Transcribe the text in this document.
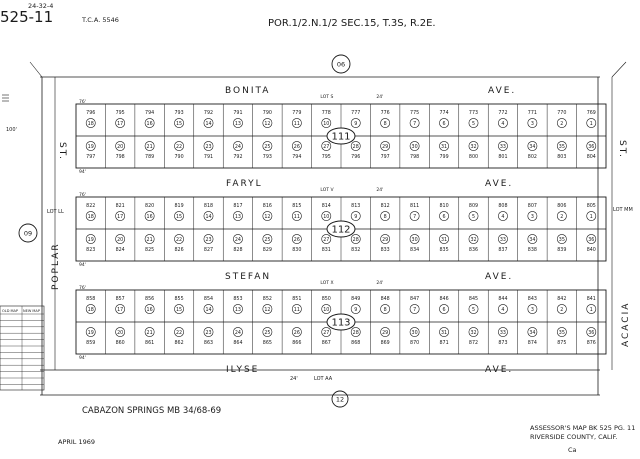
24-32-4
525-11	T.C.A. 5546	POR.1/2.N.1/2 SEC.15, T.3S, R.2E.
06
09
12
BONITA	AVE.
FARYL	AVE.
STEFAN	AVE.
ILYSE	AVE.
ST.
POPLAR
ST.
ACACIA
796
18
19
797
795
17
20
798
794
16
21
789
793
15
22
790
792
14
23
791
791
13
24
792
790
12
25
793
779
11
26
794
778
10
27
795
777
9
28
796
776
8
29
797
775
7
30
798
774
6
31
799
773
5
32
800
772
4
33
801
771
3
34
802
770
2
35
803
769
1
36
804
111
LOT S	24'
76'
94'
822
18
19
823
821
17
20
824
820
16
21
825
819
15
22
826
818
14
23
827
817
13
24
828
816
12
25
829
815
11
26
830
814
10
27
831
813
9
28
832
812
8
29
833
811
7
30
834
810
6
31
835
809
5
32
836
808
4
33
837
807
3
34
838
806
2
35
839
805
1
36
840
112
LOT V	24'
76'
94'
858
18
19
859
857
17
20
860
856
16
21
861
855
15
22
862
854
14
23
863
853
13
24
864
852
12
25
865
851
11
26
866
850
10
27
867
849
9
28
868
848
8
29
869
847
7
30
870
846
6
31
871
845
5
32
872
844
4
33
873
843
3
34
874
842
2
35
875
841
1
36
876
113
LOT X	24'
76'
94'
LOT LL	LOT MM
LOT AA
24'
100'
OLD MAP NEW MAP
CABAZON SPRINGS MB 34/68-69
APRIL 1969
ASSESSOR'S MAP BK 525 PG. 11
RIVERSIDE COUNTY, CALIF.
Ca
